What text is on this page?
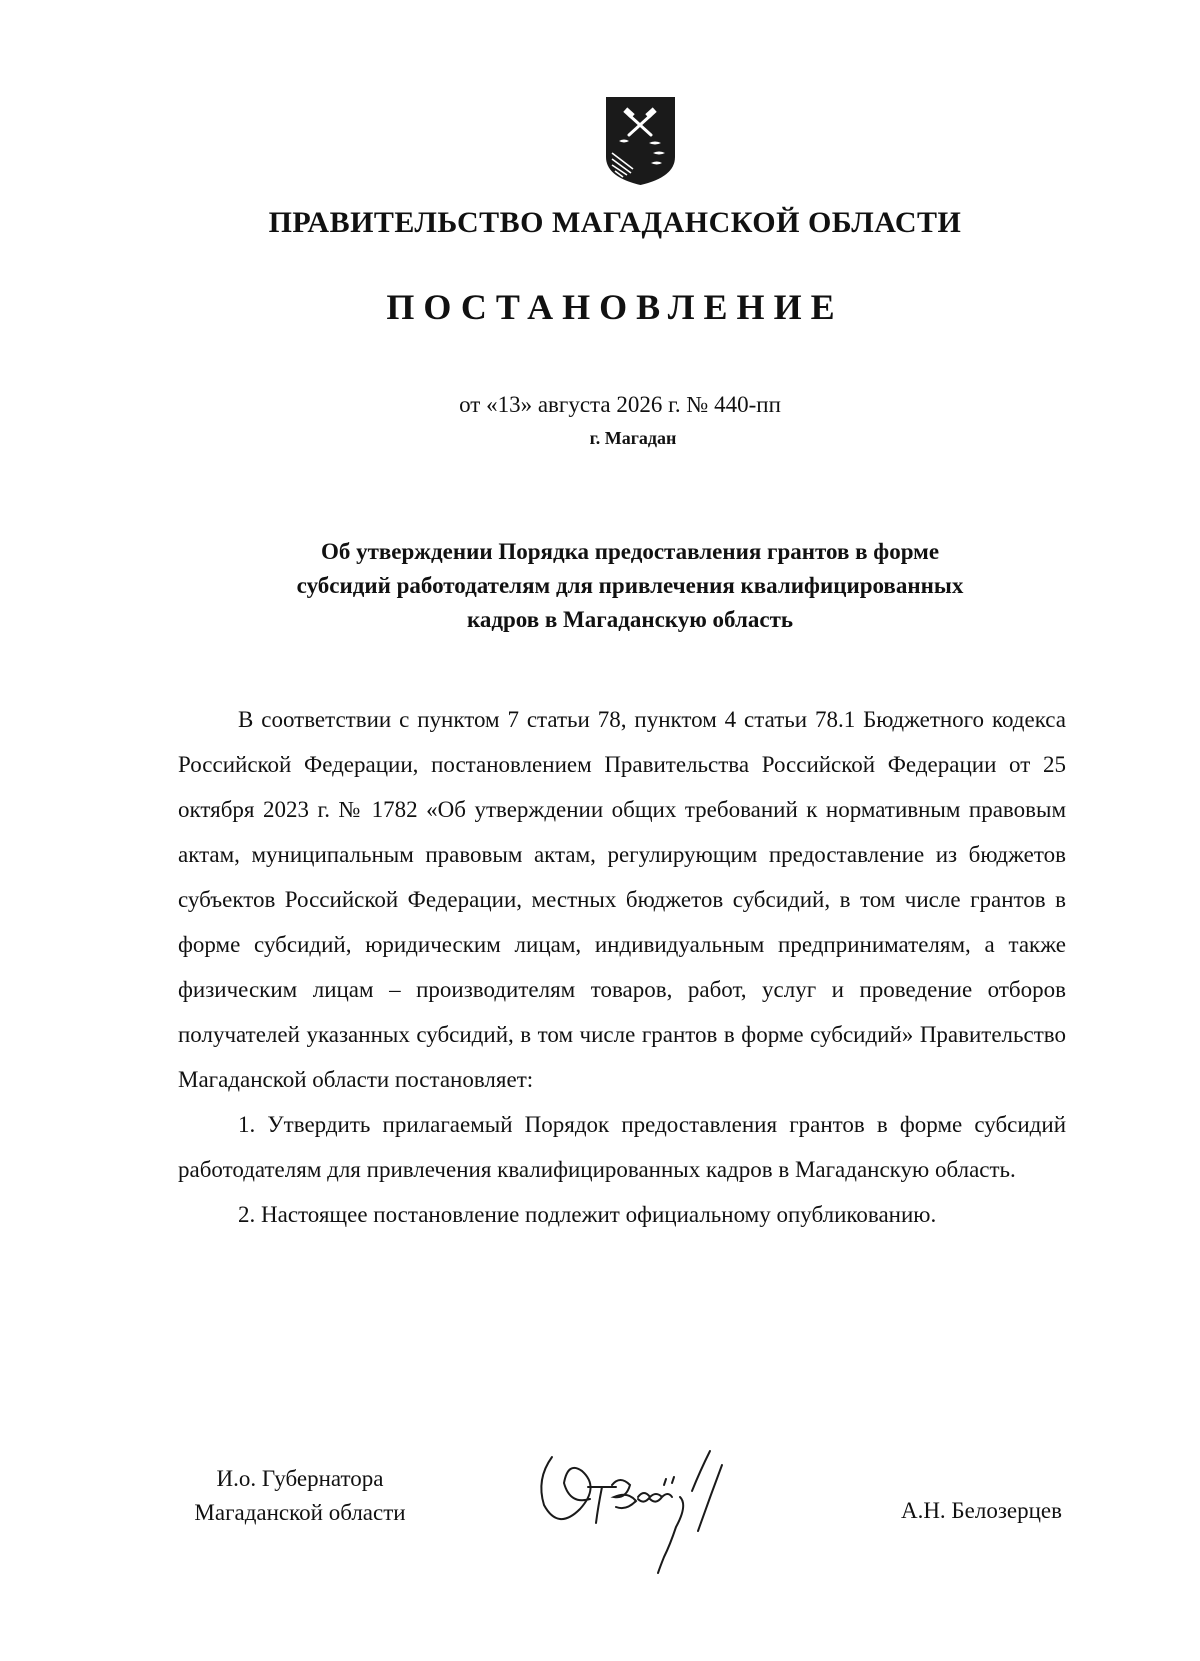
ПРАВИТЕЛЬСТВО МАГАДАНСКОЙ ОБЛАСТИ
ПОСТАНОВЛЕНИЕ
от «13» августа 2026 г. № 440-пп
г. Магадан
Об утверждении Порядка предоставления грантов в форме
субсидий работодателям для привлечения квалифицированных
кадров в Магаданскую область

В соответствии с пунктом 7 статьи 78, пунктом 4 статьи 78.1 Бюджетного кодекса Российской Федерации, постановлением Правительства Российской Федерации от 25 октября 2023 г. № 1782 «Об утверждении общих требований к нормативным правовым актам, муниципальным правовым актам, регулирующим предоставление из бюджетов субъектов Российской Федерации, местных бюджетов субсидий, в том числе грантов в форме субсидий, юридическим лицам, индивидуальным предпринимателям, а также физическим лицам – производителям товаров, работ, услуг и проведение отборов получателей указанных субсидий, в том числе грантов в форме субсидий» Правительство Магаданской области постановляет:

1. Утвердить прилагаемый Порядок предоставления грантов в форме субсидий работодателям для привлечения квалифицированных кадров в Магаданскую область.

2. Настоящее постановление подлежит официальному опубликованию.

И.о. Губернатора
Магаданской области	А.Н. Белозерцев
